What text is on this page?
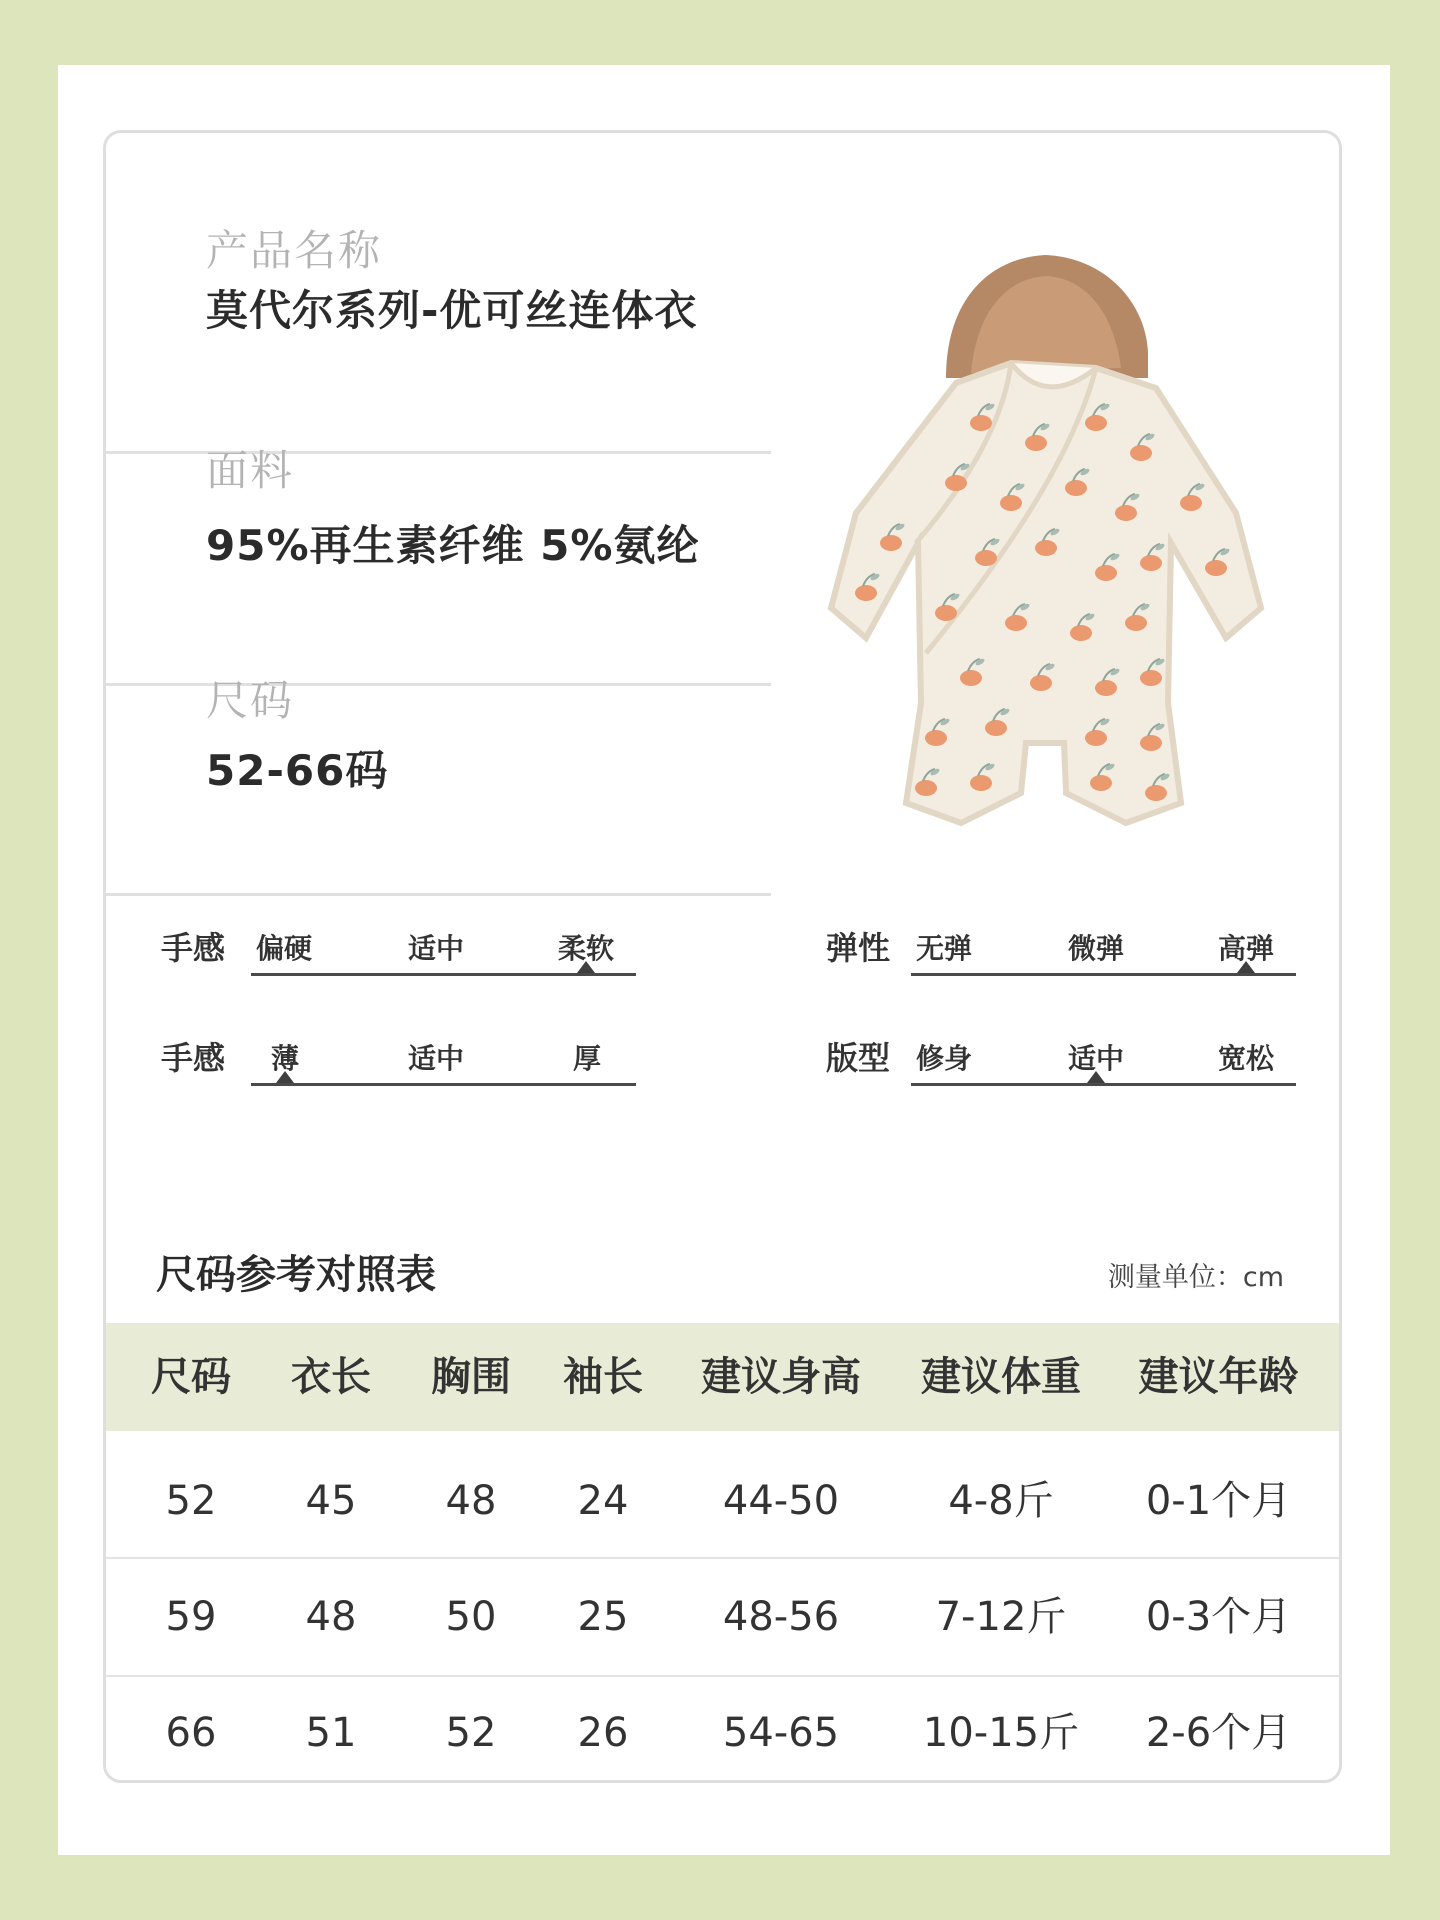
产品名称
莫代尔系列-优可丝连体衣
面料
95%再生素纤维 5%氨纶
尺码
52-66码
手感 偏硬	适中	柔软	弹性 无弹	微弹	高弹
手感 薄	适中	厚	版型 修身	适中	宽松
尺码参考对照表	测量单位：cm
尺码	衣长	胸围	袖长	建议身高	建议体重	建议年龄
52	45	48	24	44-50	4-8斤	0-1个月
59	48	50	25	48-56	7-12斤	0-3个月
66	51	52	26	54-65	10-15斤	2-6个月
